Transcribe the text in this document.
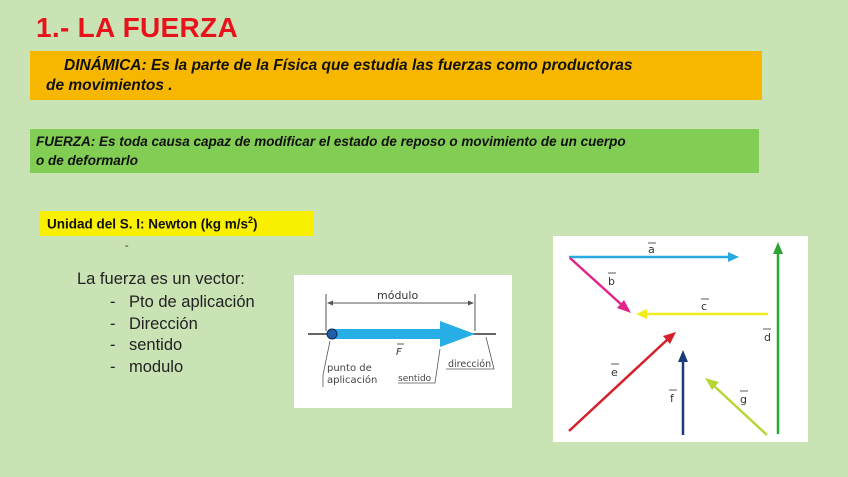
1.- LA FUERZA
DINÁMICA: Es la parte de la Física que estudia las fuerzas como productoras
de movimientos .
FUERZA: Es toda causa capaz de modificar el estado de reposo o movimiento de un cuerpo
o de deformarlo
Unidad del S. I: Newton (kg $m/s^2$)
-
La fuerza es un vector:
- Pto de aplicación
- Dirección
- sentido
- modulo
módulo
F
punto de
aplicación sentido
dirección
a
b
c
d
e
f	g
